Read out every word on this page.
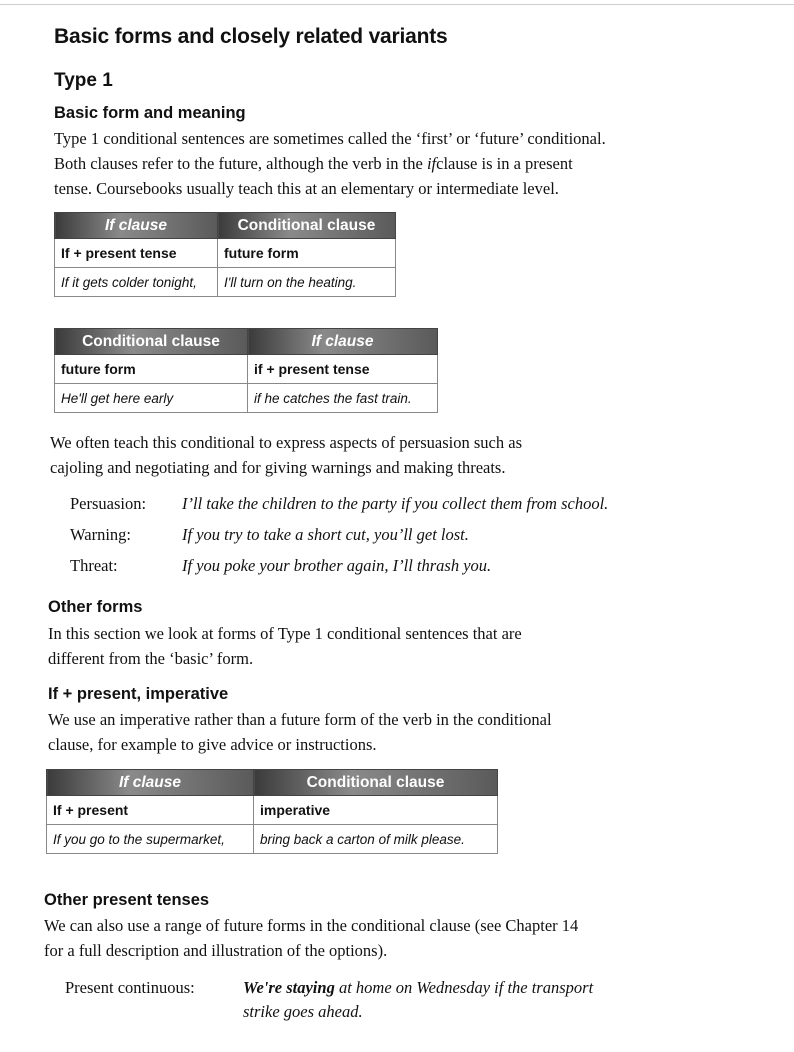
Basic forms and closely related variants
Type 1
Basic form and meaning
Type 1 conditional sentences are sometimes called the ‘first’ or ‘future’ conditional.
Both clauses refer to the future, although the verb in the ifclause is in a present
tense. Coursebooks usually teach this at an elementary or intermediate level.
If clause	Conditional clause
If + present tense	future form
If it gets colder tonight,	I'll turn on the heating.
Conditional clause	If clause
future form	if + present tense
He'll get here early	if he catches the fast train.
We often teach this conditional to express aspects of persuasion such as
cajoling and negotiating and for giving warnings and making threats.
Persuasion: I’ll take the children to the party if you collect them from school.
Warning:	If you try to take a short cut, you’ll get lost.
Threat:	If you poke your brother again, I’ll thrash you.
Other forms
In this section we look at forms of Type 1 conditional sentences that are
different from the ‘basic’ form.
If + present, imperative
We use an imperative rather than a future form of the verb in the conditional
clause, for example to give advice or instructions.
If clause	Conditional clause
If + present	imperative
If you go to the supermarket,	bring back a carton of milk please.
Other present tenses
We can also use a range of future forms in the conditional clause (see Chapter 14
for a full description and illustration of the options).
Present continuous:	We're staying at home on Wednesday if the transport
strike goes ahead.
